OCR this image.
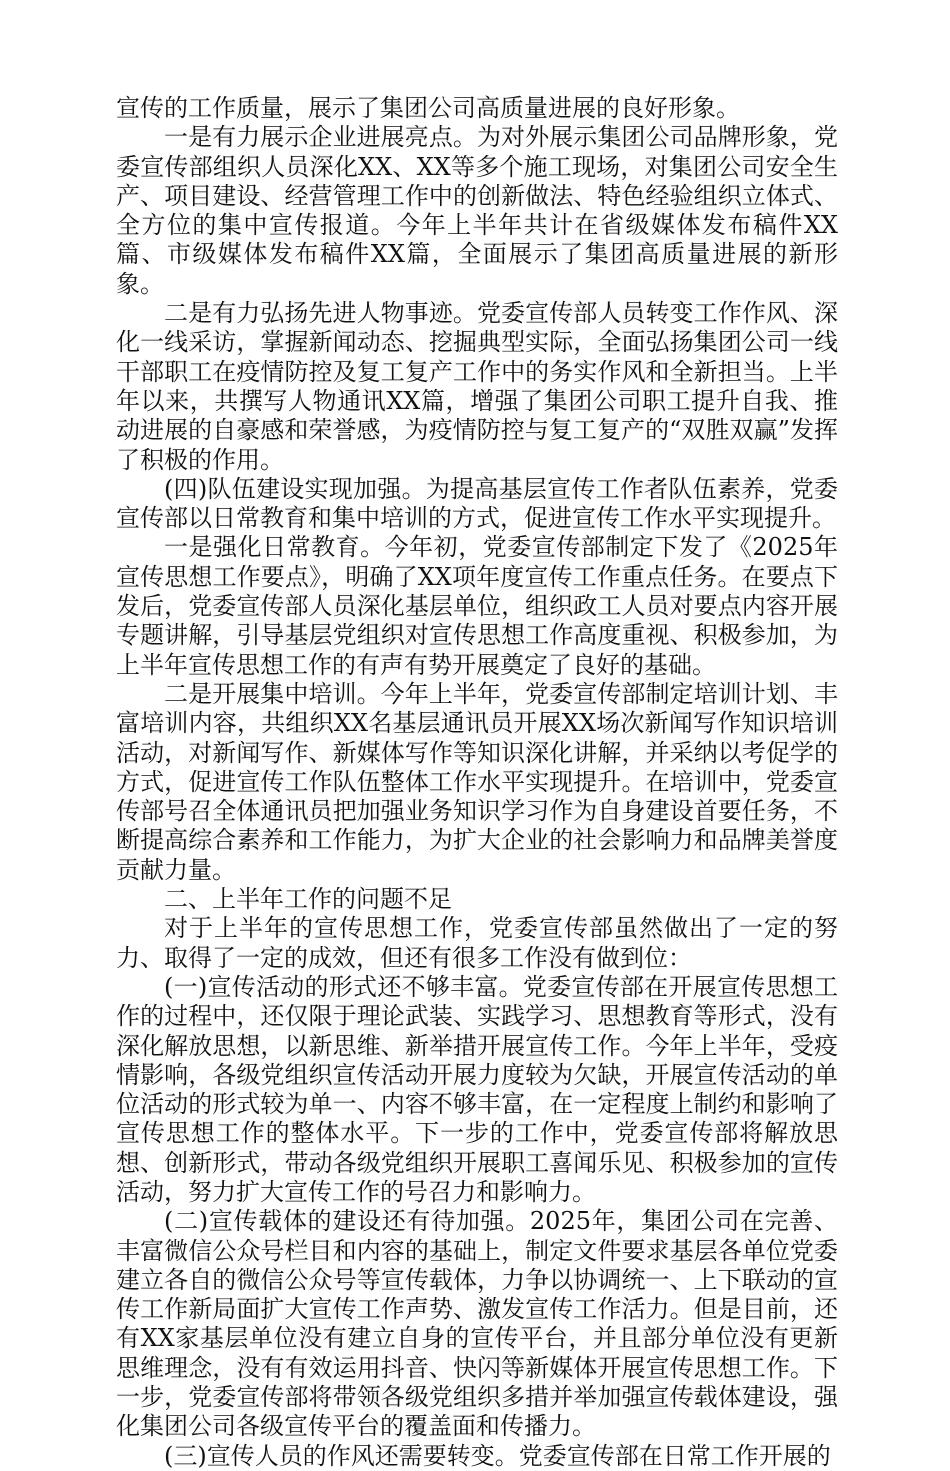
宣传的工作质量，展示了集团公司高质量进展的良好形象。

一是有力展示企业进展亮点。为对外展示集团公司品牌形象，党委宣传部组织人员深化XX、XX等多个施工现场，对集团公司安全生产、项目建设、经营管理工作中的创新做法、特色经验组织立体式、全方位的集中宣传报道。今年上半年共计在省级媒体发布稿件XX篇、市级媒体发布稿件XX篇，全面展示了集团高质量进展的新形象。

二是有力弘扬先进人物事迹。党委宣传部人员转变工作作风、深化一线采访，掌握新闻动态、挖掘典型实际，全面弘扬集团公司一线干部职工在疫情防控及复工复产工作中的务实作风和全新担当。上半年以来，共撰写人物通讯XX篇，增强了集团公司职工提升自我、推动进展的自豪感和荣誉感，为疫情防控与复工复产的“双胜双赢”发挥了积极的作用。

(四)队伍建设实现加强。为提高基层宣传工作者队伍素养，党委宣传部以日常教育和集中培训的方式，促进宣传工作水平实现提升。

一是强化日常教育。今年初，党委宣传部制定下发了《2025年宣传思想工作要点》，明确了XX项年度宣传工作重点任务。在要点下发后，党委宣传部人员深化基层单位，组织政工人员对要点内容开展专题讲解，引导基层党组织对宣传思想工作高度重视、积极参加，为上半年宣传思想工作的有声有势开展奠定了良好的基础。

二是开展集中培训。今年上半年，党委宣传部制定培训计划、丰富培训内容，共组织XX名基层通讯员开展XX场次新闻写作知识培训活动，对新闻写作、新媒体写作等知识深化讲解，并采纳以考促学的方式，促进宣传工作队伍整体工作水平实现提升。在培训中，党委宣传部号召全体通讯员把加强业务知识学习作为自身建设首要任务，不断提高综合素养和工作能力，为扩大企业的社会影响力和品牌美誉度贡献力量。

二、上半年工作的问题不足

对于上半年的宣传思想工作，党委宣传部虽然做出了一定的努力、取得了一定的成效，但还有很多工作没有做到位：

(一)宣传活动的形式还不够丰富。党委宣传部在开展宣传思想工作的过程中，还仅限于理论武装、实践学习、思想教育等形式，没有深化解放思想，以新思维、新举措开展宣传工作。今年上半年，受疫情影响，各级党组织宣传活动开展力度较为欠缺，开展宣传活动的单位活动的形式较为单一、内容不够丰富，在一定程度上制约和影响了宣传思想工作的整体水平。下一步的工作中，党委宣传部将解放思想、创新形式，带动各级党组织开展职工喜闻乐见、积极参加的宣传活动，努力扩大宣传工作的号召力和影响力。

(二)宣传载体的建设还有待加强。2025年，集团公司在完善、丰富微信公众号栏目和内容的基础上，制定文件要求基层各单位党委建立各自的微信公众号等宣传载体，力争以协调统一、上下联动的宣传工作新局面扩大宣传工作声势、激发宣传工作活力。但是目前，还有XX家基层单位没有建立自身的宣传平台，并且部分单位没有更新思维理念，没有有效运用抖音、快闪等新媒体开展宣传思想工作。下一步，党委宣传部将带领各级党组织多措并举加强宣传载体建设，强化集团公司各级宣传平台的覆盖面和传播力。

(三)宣传人员的作风还需要转变。党委宣传部在日常工作开展的
